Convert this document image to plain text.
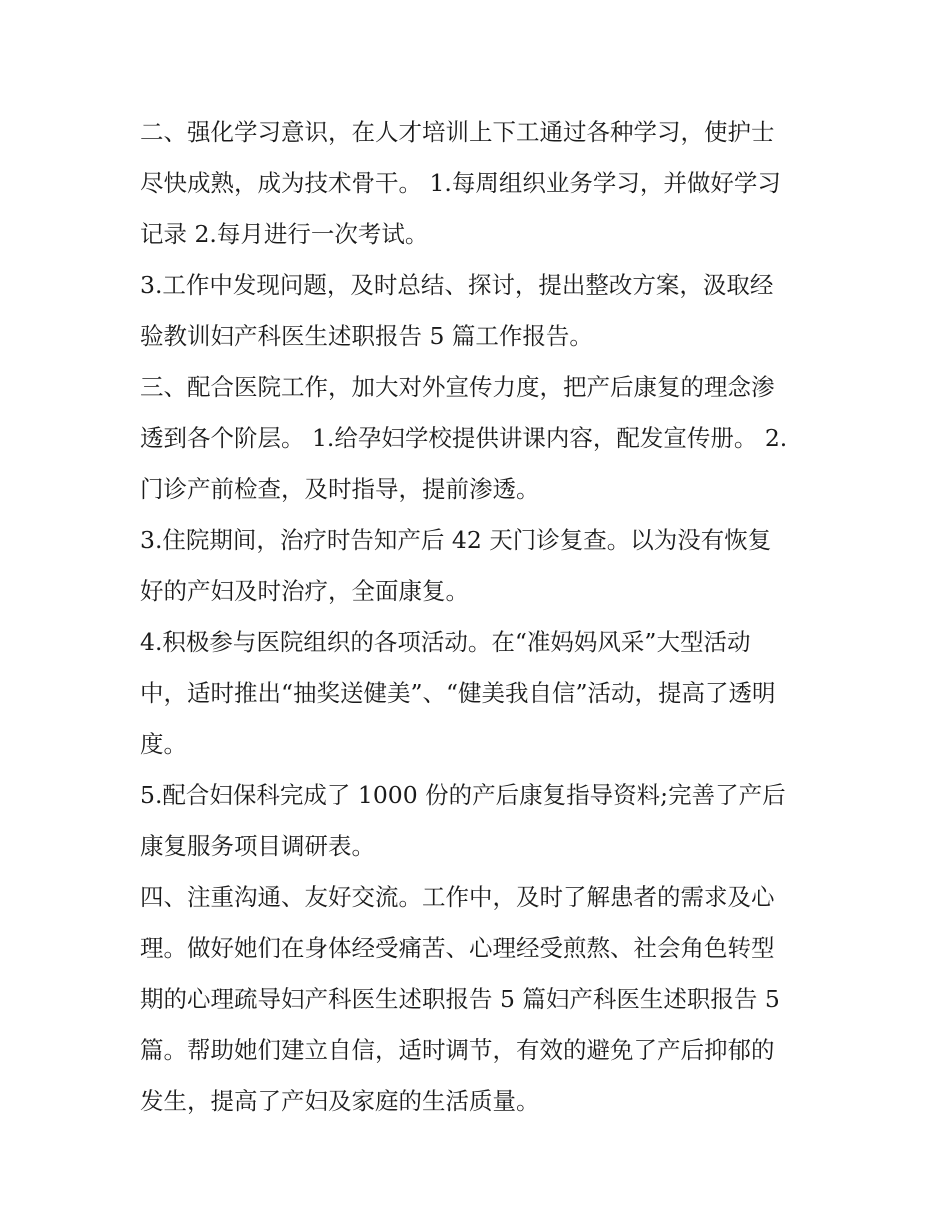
二、强化学习意识，在人才培训上下工通过各种学习，使护士
尽快成熟，成为技术骨干。 1.每周组织业务学习，并做好学习
记录 2.每月进行一次考试。
3.工作中发现问题，及时总结、探讨，提出整改方案，汲取经
验教训妇产科医生述职报告 5 篇工作报告。
三、配合医院工作，加大对外宣传力度，把产后康复的理念渗
透到各个阶层。 1.给孕妇学校提供讲课内容，配发宣传册。 2.
门诊产前检查，及时指导，提前渗透。
3.住院期间，治疗时告知产后 42 天门诊复查。以为没有恢复
好的产妇及时治疗，全面康复。
4.积极参与医院组织的各项活动。在“准妈妈风采”大型活动
中，适时推出“抽奖送健美”、“健美我自信”活动，提高了透明
度。
5.配合妇保科完成了 1000 份的产后康复指导资料;完善了产后
康复服务项目调研表。
四、注重沟通、友好交流。工作中，及时了解患者的需求及心
理。做好她们在身体经受痛苦、心理经受煎熬、社会角色转型
期的心理疏导妇产科医生述职报告 5 篇妇产科医生述职报告 5
篇。帮助她们建立自信，适时调节，有效的避免了产后抑郁的
发生，提高了产妇及家庭的生活质量。
